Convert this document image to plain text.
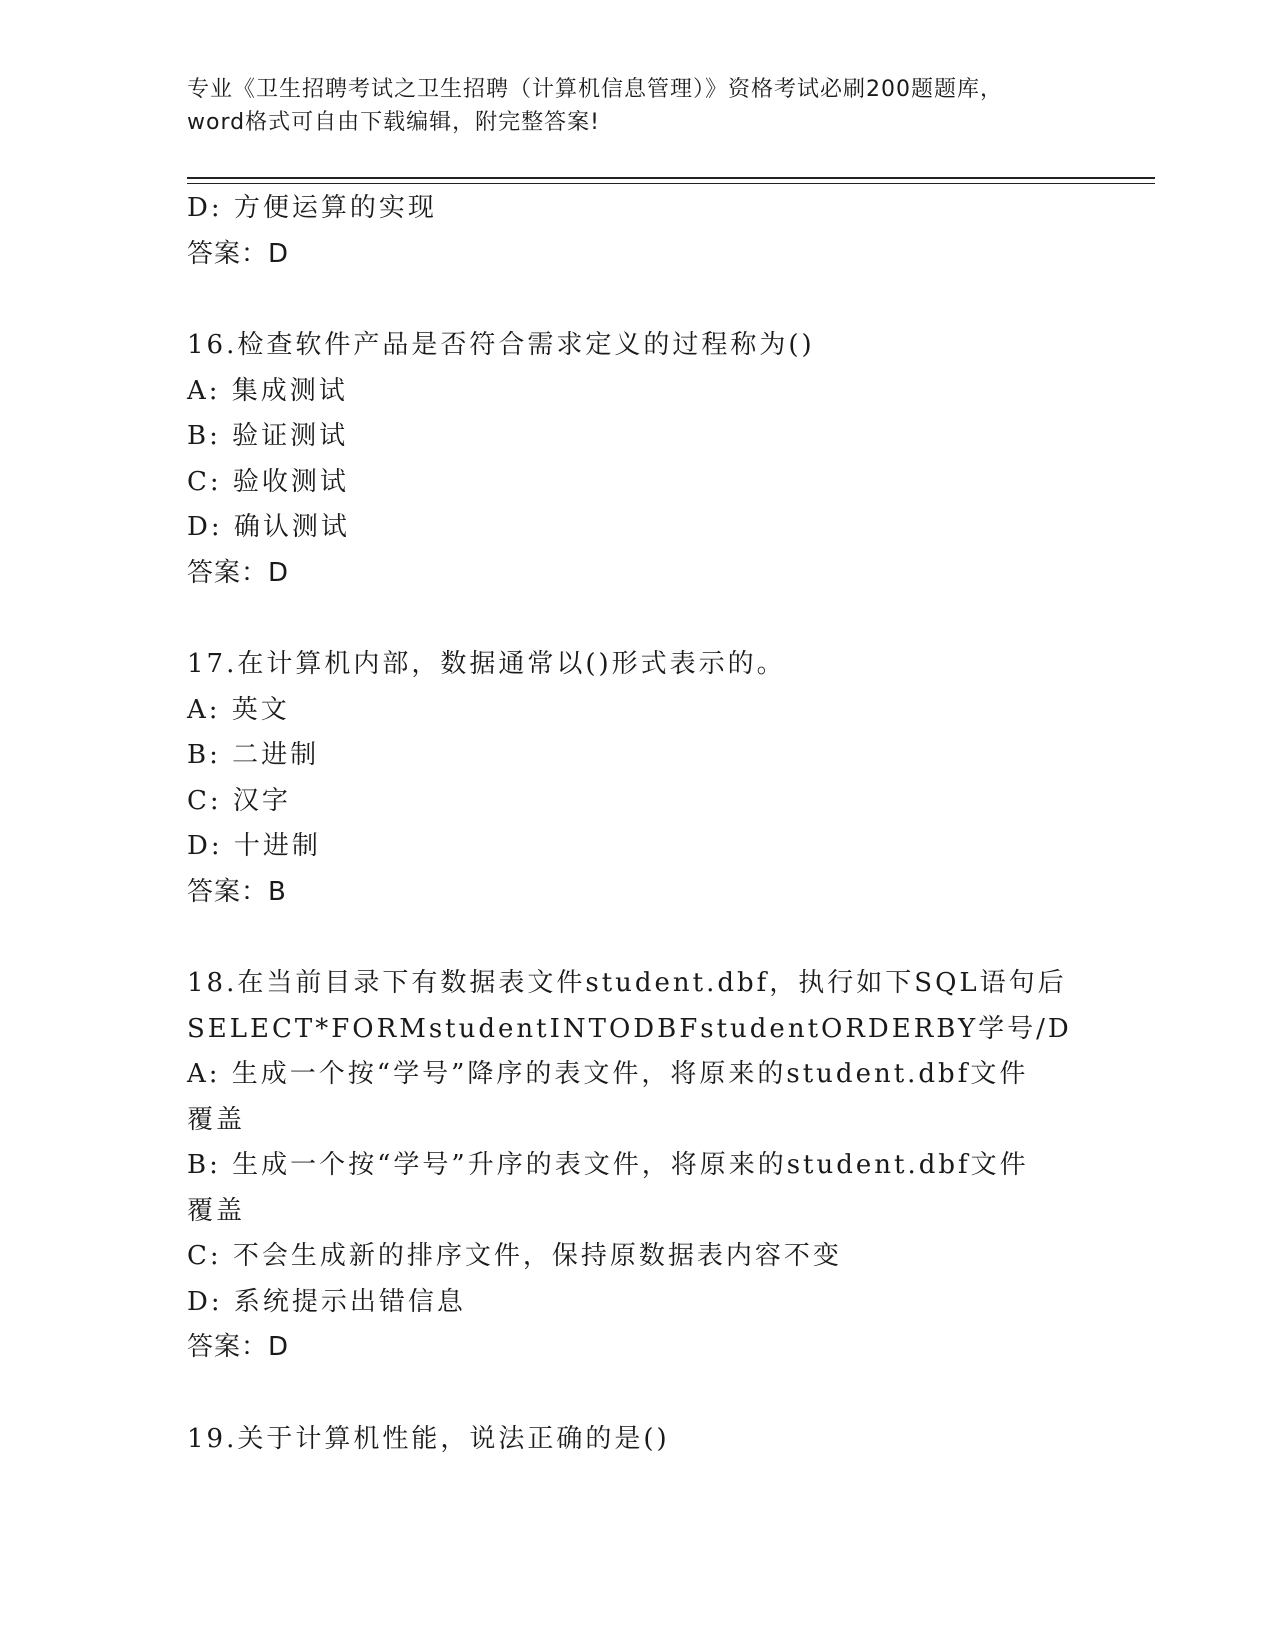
专业《卫生招聘考试之卫生招聘（计算机信息管理）》资格考试必刷200题题库，
word格式可自由下载编辑，附完整答案!
D: 方便运算的实现
答案：D
16.检查软件产品是否符合需求定义的过程称为()
A: 集成测试
B: 验证测试
C: 验收测试
D: 确认测试
答案：D
17.在计算机内部，数据通常以()形式表示的。
A: 英文
B: 二进制
C: 汉字
D: 十进制
答案：B
18.在当前目录下有数据表文件student.dbf，执行如下SQL语句后
SELECT*FORMstudentINTODBFstudentORDERBY学号/D
A: 生成一个按“学号”降序的表文件，将原来的student.dbf文件覆盖
B: 生成一个按“学号”升序的表文件，将原来的student.dbf文件覆盖
C: 不会生成新的排序文件，保持原数据表内容不变
D: 系统提示出错信息
答案：D
19.关于计算机性能，说法正确的是()
